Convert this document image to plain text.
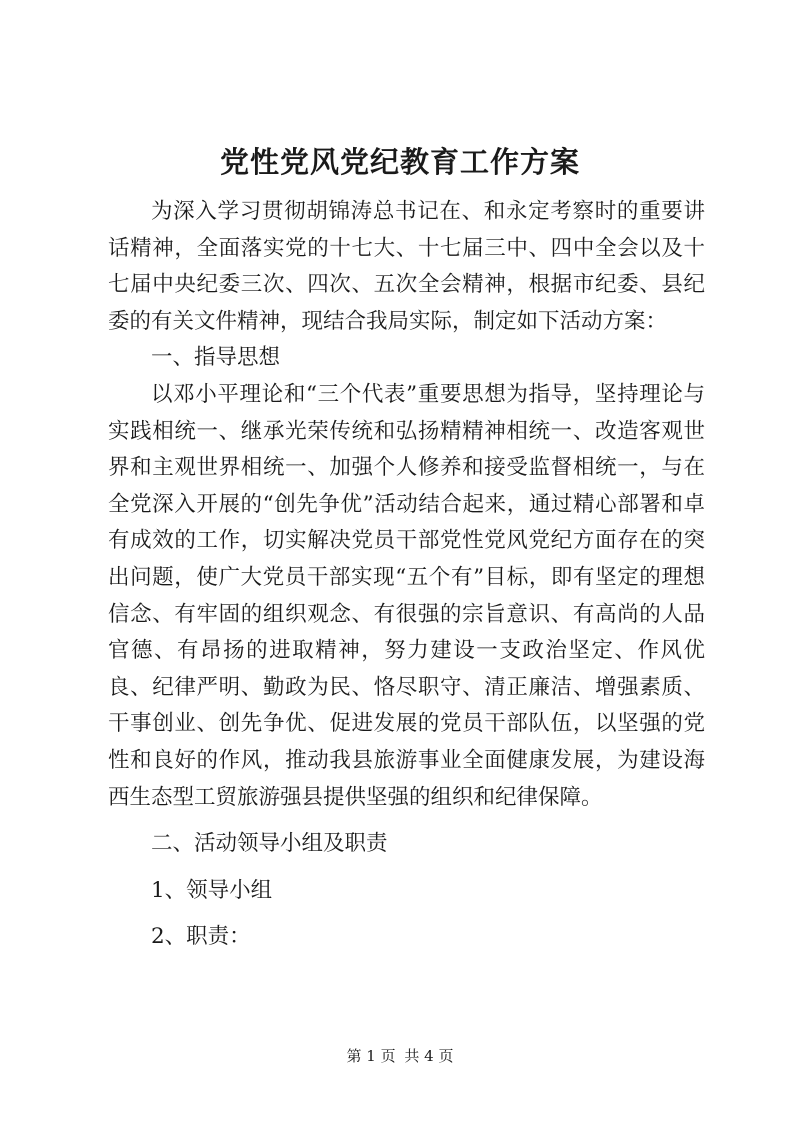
党性党风党纪教育工作方案

为深入学习贯彻胡锦涛总书记在、和永定考察时的重要讲话精神，全面落实党的十七大、十七届三中、四中全会以及十七届中央纪委三次、四次、五次全会精神，根据市纪委、县纪委的有关文件精神，现结合我局实际，制定如下活动方案：

一、指导思想

以邓小平理论和“三个代表”重要思想为指导，坚持理论与实践相统一、继承光荣传统和弘扬精精神相统一、改造客观世界和主观世界相统一、加强个人修养和接受监督相统一，与在全党深入开展的“创先争优”活动结合起来，通过精心部署和卓有成效的工作，切实解决党员干部党性党风党纪方面存在的突出问题，使广大党员干部实现“五个有”目标，即有坚定的理想信念、有牢固的组织观念、有很强的宗旨意识、有高尚的人品官德、有昂扬的进取精神，努力建设一支政治坚定、作风优良、纪律严明、勤政为民、恪尽职守、清正廉洁、增强素质、干事创业、创先争优、促进发展的党员干部队伍，以坚强的党性和良好的作风，推动我县旅游事业全面健康发展，为建设海西生态型工贸旅游强县提供坚强的组织和纪律保障。

二、活动领导小组及职责

1、领导小组

2、职责：

第 1 页 共 4 页
